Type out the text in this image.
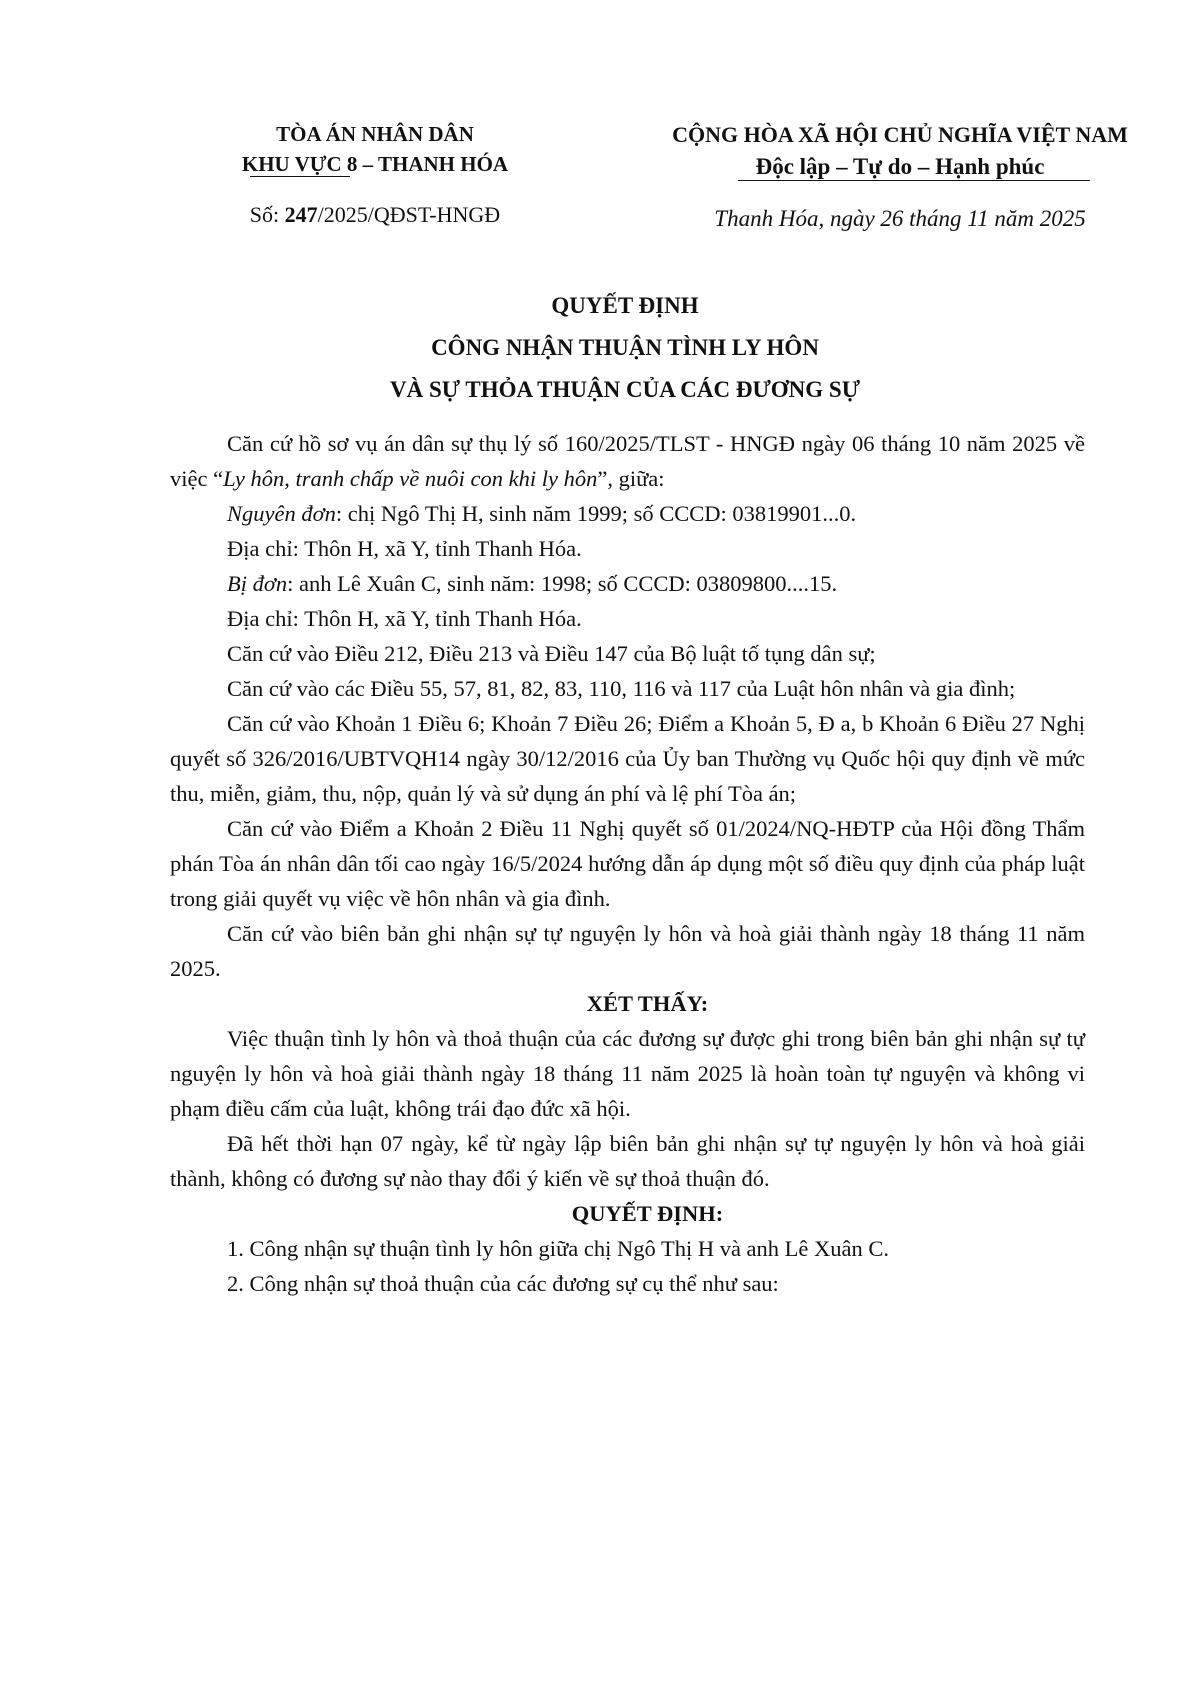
TÒA ÁN NHÂN DÂN
KHU VỰC 8 – THANH HÓA
CỘNG HÒA XÃ HỘI CHỦ NGHĨA VIỆT NAM
Độc lập – Tự do – Hạnh phúc
Số: 247/2025/QĐST-HNGĐ	Thanh Hóa, ngày 26 tháng 11 năm 2025
QUYẾT ĐỊNH
CÔNG NHẬN THUẬN TÌNH LY HÔN
VÀ SỰ THỎA THUẬN CỦA CÁC ĐƯƠNG SỰ

Căn cứ hồ sơ vụ án dân sự thụ lý số 160/2025/TLST - HNGĐ ngày 06 tháng 10 năm 2025 về việc “Ly hôn, tranh chấp về nuôi con khi ly hôn”, giữa:

Nguyên đơn: chị Ngô Thị H, sinh năm 1999; số CCCD: 03819901...0.

Địa chỉ: Thôn H, xã Y, tỉnh Thanh Hóa.

Bị đơn: anh Lê Xuân C, sinh năm: 1998; số CCCD: 03809800....15.

Địa chỉ: Thôn H, xã Y, tỉnh Thanh Hóa.

Căn cứ vào Điều 212, Điều 213 và Điều 147 của Bộ luật tố tụng dân sự;

Căn cứ vào các Điều 55, 57, 81, 82, 83, 110, 116 và 117 của Luật hôn nhân và gia đình;

Căn cứ vào Khoản 1 Điều 6; Khoản 7 Điều 26; Điểm a Khoản 5, Đ a, b Khoản 6 Điều 27 Nghị quyết số 326/2016/UBTVQH14 ngày 30/12/2016 của Ủy ban Thường vụ Quốc hội quy định về mức thu, miễn, giảm, thu, nộp, quản lý và sử dụng án phí và lệ phí Tòa án;

Căn cứ vào Điểm a Khoản 2 Điều 11 Nghị quyết số 01/2024/NQ-HĐTP của Hội đồng Thẩm phán Tòa án nhân dân tối cao ngày 16/5/2024 hướng dẫn áp dụng một số điều quy định của pháp luật trong giải quyết vụ việc về hôn nhân và gia đình.

Căn cứ vào biên bản ghi nhận sự tự nguyện ly hôn và hoà giải thành ngày 18 tháng 11 năm 2025.

XÉT THẤY:

Việc thuận tình ly hôn và thoả thuận của các đương sự được ghi trong biên bản ghi nhận sự tự nguyện ly hôn và hoà giải thành ngày 18 tháng 11 năm 2025 là hoàn toàn tự nguyện và không vi phạm điều cấm của luật, không trái đạo đức xã hội.

Đã hết thời hạn 07 ngày, kể từ ngày lập biên bản ghi nhận sự tự nguyện ly hôn và hoà giải thành, không có đương sự nào thay đổi ý kiến về sự thoả thuận đó.

QUYẾT ĐỊNH:

1. Công nhận sự thuận tình ly hôn giữa chị Ngô Thị H và anh Lê Xuân C.

2. Công nhận sự thoả thuận của các đương sự cụ thể như sau:
